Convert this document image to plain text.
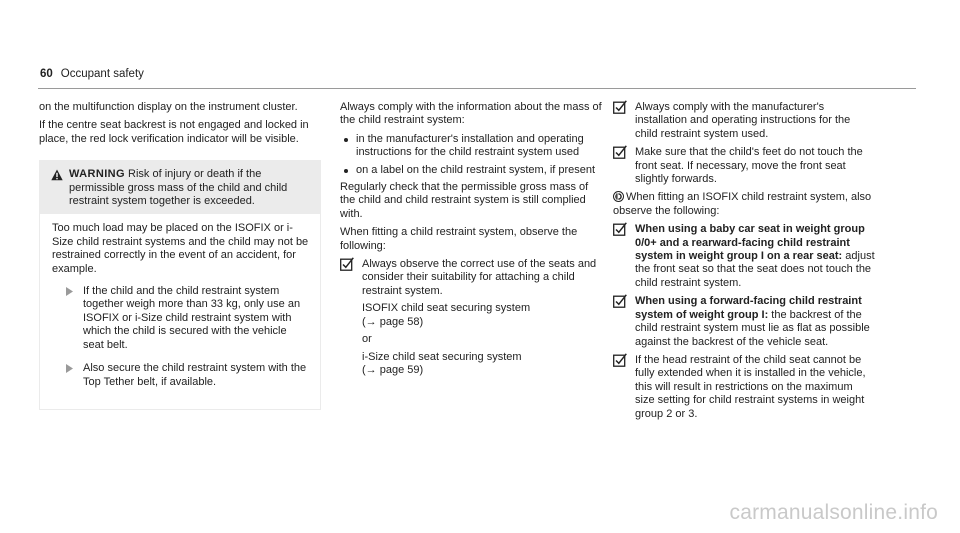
60 Occupant safety

on the multifunction display on the instrument cluster.

If the centre seat backrest is not engaged and locked in place, the red lock verification indicator will be visible.

WARNING Risk of injury or death if the permissible gross mass of the child and child restraint system together is exceeded.

Too much load may be placed on the ISOFIX or i-Size child restraint systems and the child may not be restrained correctly in the event of an accident, for example.

If the child and the child restraint system together weigh more than 33 kg, only use an ISOFIX or i-Size child restraint system with which the child is secured with the vehicle seat belt.
Also secure the child restraint system with the Top Tether belt, if available.

Always comply with the information about the mass of the child restraint system:

in the manufacturer's installation and operating instructions for the child restraint system used
on a label on the child restraint system, if present

Regularly check that the permissible gross mass of the child and child restraint system is still complied with.

When fitting a child restraint system, observe the following:

Always observe the correct use of the seats and consider their suitability for attaching a child restraint system.

ISOFIX child seat securing system
(→ page 58)

or

i-Size child seat securing system
(→ page 59)

Always comply with the manufacturer's installation and operating instructions for the child restraint system used.
Make sure that the child's feet do not touch the front seat. If necessary, move the front seat slightly forwards.

When fitting an ISOFIX child restraint system, also observe the following:

When using a baby car seat in weight group 0/0+ and a rearward-facing child restraint system in weight group I on a rear seat: adjust the front seat so that the seat does not touch the child restraint system.
When using a forward-facing child restraint system of weight group I: the backrest of the child restraint system must lie as flat as possible against the backrest of the vehicle seat.
If the head restraint of the child seat cannot be fully extended when it is installed in the vehicle, this will result in restrictions on the maximum size setting for child restraint systems in weight group 2 or 3.
carmanualsonline.info
